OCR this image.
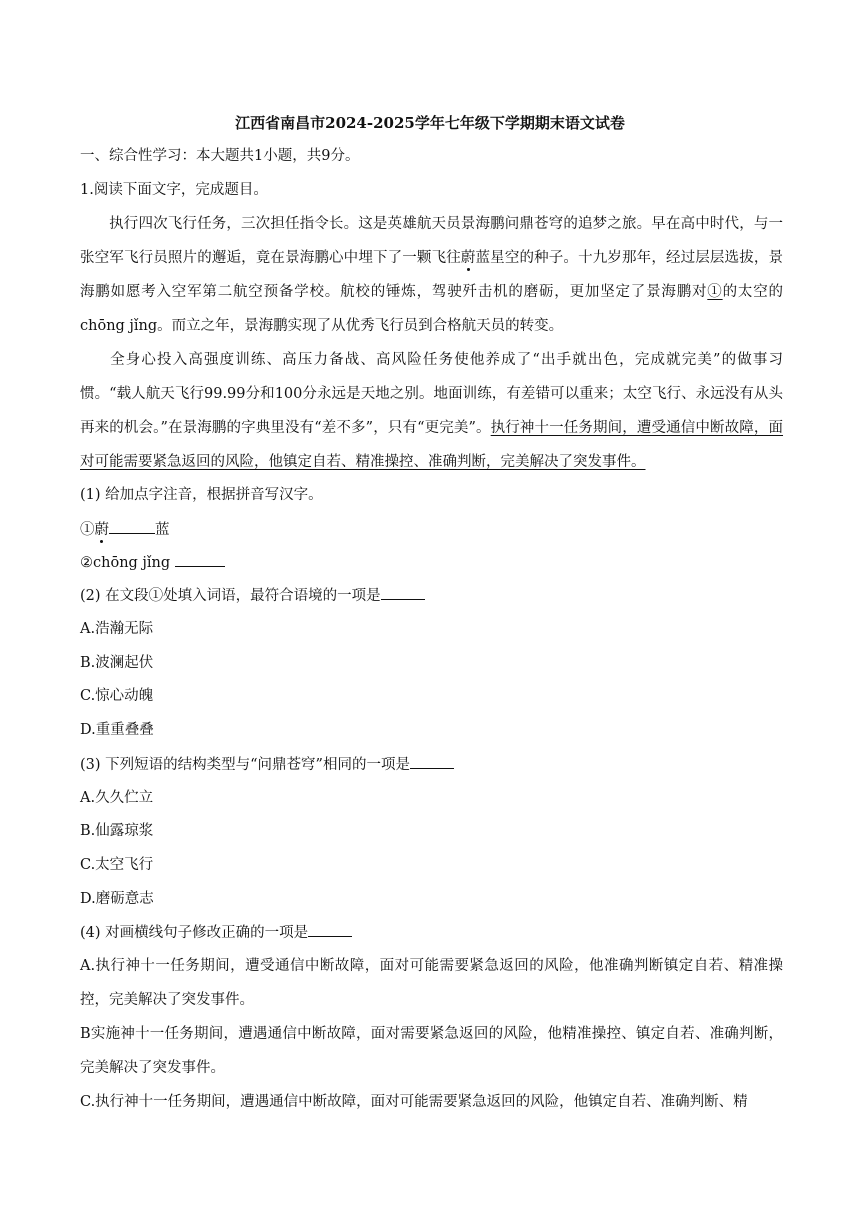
江西省南昌市2024-2025学年七年级下学期期末语文试卷
一、综合性学习：本大题共1小题，共9分。
1.阅读下面文字，完成题目。
执行四次飞行任务，三次担任指令长。这是英雄航天员景海鹏问鼎苍穹的追梦之旅。早在高中时代，与一张空军飞行员照片的邂逅，竟在景海鹏心中埋下了一颗飞往蔚蓝星空的种子。十九岁那年，经过层层选拔，景海鹏如愿考入空军第二航空预备学校。航校的锤炼，驾驶歼击机的磨砺，更加坚定了景海鹏对①的太空的chōng jǐng。而立之年，景海鹏实现了从优秀飞行员到合格航天员的转变。
全身心投入高强度训练、高压力备战、高风险任务使他养成了“出手就出色，完成就完美”的做事习惯。“载人航天飞行99.99分和100分永远是天地之别。地面训练，有差错可以重来；太空飞行、永远没有从头再来的机会。”在景海鹏的字典里没有“差不多”，只有“更完美”。执行神十一任务期间，遭受通信中断故障，面对可能需要紧急返回的风险，他镇定自若、精准操控、准确判断，完美解决了突发事件。
(1) 给加点字注音，根据拼音写汉字。
①蔚	蓝
②chōng jǐng
(2) 在文段①处填入词语，最符合语境的一项是
A.浩瀚无际
B.波澜起伏
C.惊心动魄
D.重重叠叠
(3) 下列短语的结构类型与“问鼎苍穹”相同的一项是
A.久久伫立
B.仙露琼浆
C.太空飞行
D.磨砺意志
(4) 对画横线句子修改正确的一项是
A.执行神十一任务期间，遭受通信中断故障，面对可能需要紧急返回的风险，他准确判断镇定自若、精准操控，完美解决了突发事件。
B实施神十一任务期间，遭遇通信中断故障，面对需要紧急返回的风险，他精准操控、镇定自若、准确判断，完美解决了突发事件。
C.执行神十一任务期间，遭遇通信中断故障，面对可能需要紧急返回的风险，他镇定自若、准确判断、精
